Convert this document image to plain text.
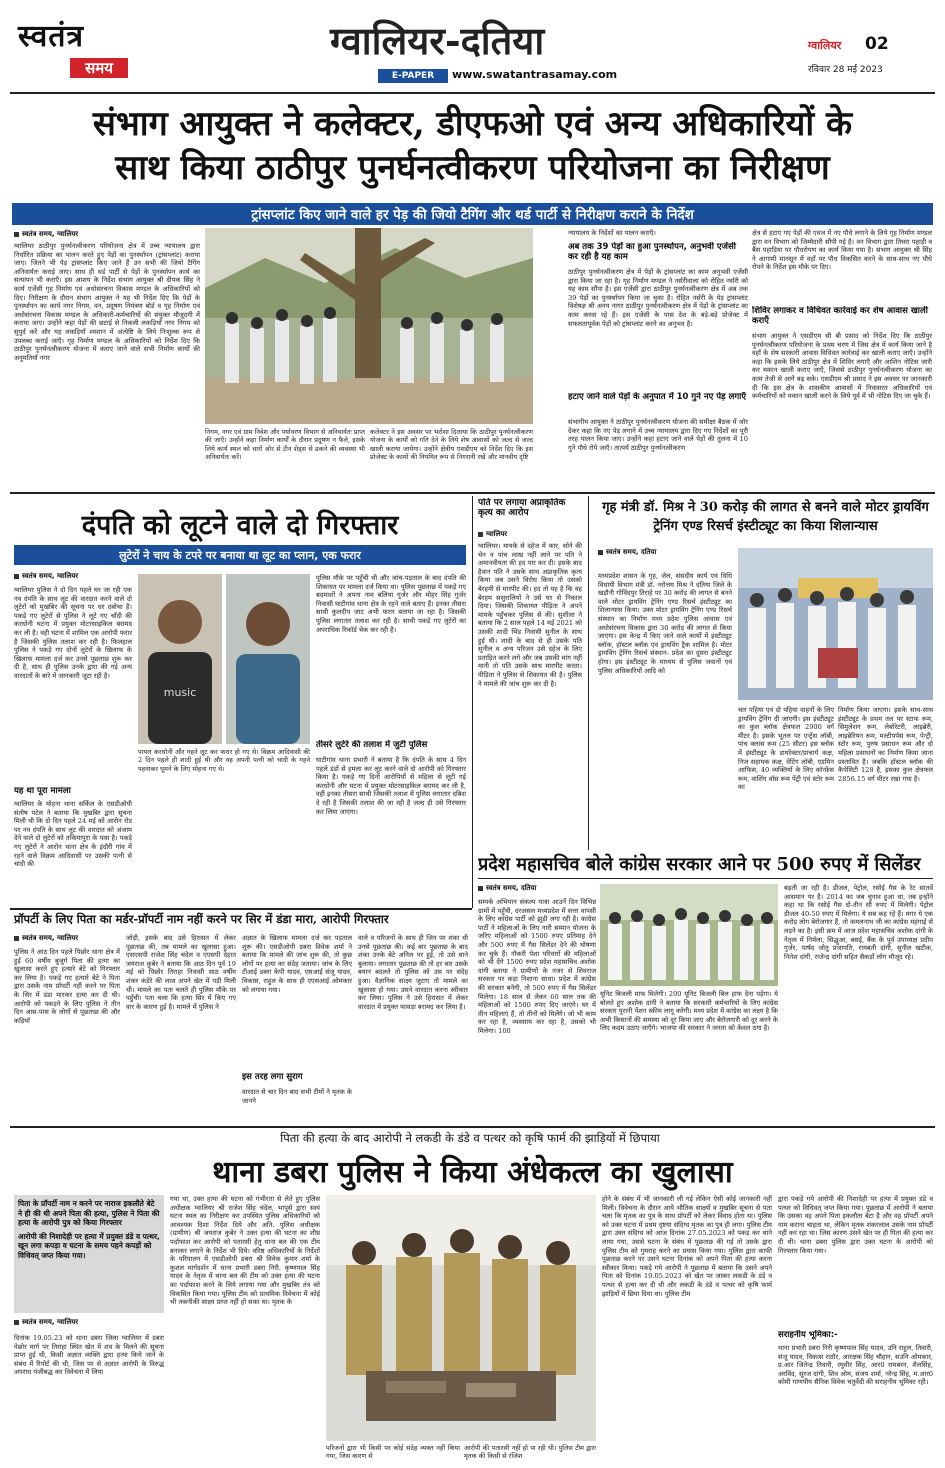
स्वतंत्र
समय
ग्वालियर-दतिया
E-PAPER	www.swatantrasamay.com
ग्वालियर 02
रविवार 28 मई 2023
संभाग आयुक्त ने कलेक्टर, डीएफओ एवं अन्य अधिकारियों के
साथ किया ठाठीपुर पुनर्घनत्वीकरण परियोजना का निरीक्षण
ट्रांसप्लांट किए जाने वाले हर पेड़ की जियो टैगिंग और थर्ड पार्टी से निरीक्षण कराने के निर्देश
स्वतंत्र समय, ग्वालियर
ग्वालियर ठाठीपुर पुनर्घनत्वीकरण परियोजना क्षेत्र में उच्च न्यायालय द्वारा निर्धारित प्रक्रिया का पालन करते हुए पेड़ों का पुनर्स्थापन (ट्रांसप्लांट) कराया जाए। जितने भी पेड़ ट्रांसप्लांट किए जाने हैं उन सभी की जियो टैगिंग अनिवार्यतः कराई जाए। साथ ही थर्ड पार्टी से पेड़ों के पुनर्स्थापन कार्य का सत्यापन भी कराएँ। इस आशय के निर्देश संभाग आयुक्त श्री दीपक सिंह ने कार्य एजेंसी गृह निर्माण एवं अधोसंरचना विकास मण्डल के अधिकारियों को दिए। निरीक्षण के दौरान संभाग आयुक्त ने यह भी निर्देश दिए कि पेड़ों के पुनर्स्थापन का कार्य नगर निगम, वन, प्रदूषण नियंत्रण बोर्ड व गृह निर्माण एवं अधोसंरचना विकास मण्डल के अधिकारी-कर्मचारियों की संयुक्त मौजूदगी में कराया जाए। उन्होंने कहा पेड़ों की छटाई से निकली लकड़ियाँ नगर निगम को सुपुर्द करें और यह लकड़ियाँ श्मशान में अंत्येष्टि के लिये निःशुल्क रूप से उपलब्ध कराई जाएँ। गृह निर्माण मण्डल के अधिकारियों को निर्देश दिए कि ठाठीपुर पुनर्घनत्वीकरण योजना में कराए जाने वाले सभी निर्माण कार्यों की अनुमतियाँ नगर
निगम, नगर एवं ग्राम निवेश और पर्यावरण विभाग से अनिवार्यतः प्राप्त की जाएँ। उन्होंने कहा निर्माण कार्यों के दौरान प्रदूषण न फैले, इसके लिये कार्य स्थल को चारों ओर से टीन शेड्स से ढकने की व्यवस्था भी अनिवार्यतः करें।
कलेक्टर ने इस अवसर पर भरोसा दिलाया कि ठाठीपुर पुनर्घनत्वीकरण योजना के कार्यों को गति देने के लिये शेष आवासों को जल्द से जल्द खाली कराया जायेगा। उन्होंने क्षेत्रीय एसडीएम को निर्देश दिए कि इस प्रोजेक्ट के कामों की नियमित रूप से निगरानी रखें और मानवीय दृष्टि
न्यायालय के निर्देशों का पालन कराएँ।
अब तक 39 पेड़ों का हुआ पुनर्स्थापन, अनुभवी एजेंसी कर रही है यह काम
ठाठीपुर पुनर्घनत्वीकरण क्षेत्र में पेड़ों के ट्रांसप्लांट का काम अनुभवी एजेंसी द्वारा किया जा रहा है। गृह निर्माण मण्डल ने नर्सरीवाला को रोहित नर्सरी को यह काम सौंपा है। इस एजेंसी द्वारा ठाठीपुर पुनर्घनत्वीकरण क्षेत्र में अब तक 39 पेड़ों का पुनर्स्थापन किया जा चुका है। रोहित नर्सरी के पेड़ ट्रांसप्लांट विशेषज्ञ श्री अनय नागर ठाठीपुर पुनर्घनत्वीकरण क्षेत्र में पेड़ों के ट्रांसप्लांट का काम करवा रहे हैं। इस एजेंसी के पास देश के बड़े-बड़े प्रोजेक्ट में सफलतापूर्वक पेड़ों को ट्रांसप्लांट करने का अनुभव है।
हटाए जाने वाले पेड़ों के अनुपात में 10 गुने नए पेड़ लगाएँ
संभागीय आयुक्त ने ठाठीपुर पुनर्घनत्वीकरण योजना की समीक्षा बैठक में जोर देकर कहा कि नए पेड़ लगाने में उच्च न्यायालय द्वारा दिए गए निर्देशों का पूरी तरह पालन किया जाए। उन्होंने कहा हटाए जाने वाले पेड़ों की तुलना में 10 गुने पौधे रोपे जाएँ। तात्पर्य ठाठीपुर पुनर्घनत्वीकरण
क्षेत्र से हटाए गए पेड़ों की एवज में नए पौधे लगाने के लिये गृह निर्माण मण्डल द्वारा वन विभाग को जिम्मेदारी सौंपी गई है। वन विभाग द्वारा तिघरा पहाड़ी व बैंस पहाड़िया पर पौधरोपण का कार्य किया गया है। संभाग आयुक्त श्री सिंह ने आगामी मानसून में वहाँ पर पौध विकसित करने के साथ-साथ नए पौधे रोपने के निर्देश इस मौके पर दिए।
शिविर लगाकर व विधिवत कार्रवाई कर शेष आवास खाली कराएँ
संभाग आयुक्त ने एसडीएम सी बी प्रसाद को निर्देश दिए कि ठाठीपुर पुनर्घनत्वीकरण परियोजना के प्रथम चरण में जिस क्षेत्र में कार्य किया जाने है वहाँ के शेष सरकारी आवास विधिवत कार्रवाई कर खाली कराए जाएँ। उन्होंने कहा कि इसके लिये ठाठीपुर क्षेत्र में शिविर लगाएँ और आशिन नोटिस जारी कर मकान खाली कराए जाएँ, जिससे ठाठीपुर पुनर्घनत्वीकरण योजना का काम तेजी से आगे बढ़ सके। एसडीएम श्री प्रसाद ने इस अवसर पर जानकारी दी कि इस क्षेत्र के शासकीय आवासों में निवासरत अधिकारियों एवं कर्मचारियों को मकान खाली करने के लिये पूर्व में भी नोटिस दिए जा चुके हैं।
दंपति को लूटने वाले दो गिरफ्तार
लुटेरों ने चाय के टपरे पर बनाया था लूट का प्लान, एक फरार
स्वतंत्र समय, ग्वालियर
ग्वालियर पुलिस ने दो दिन पहले घर जा रही एक नव दंपति के साथ लूट की वारदात करने वाले दो लुटेरों को मुखबिर की सूचना पर धर दबोचा है। पकड़े गए लुटेरों से पुलिस ने लूटे गए चाँदी की करधोनी घटना में प्रयुक्त मोटरसाइकिल बरामद कर ली है। वही घटना में शामिल एक आरोपी फरार है जिसकी पुलिस तलाश कर रही है। फिलहाल पुलिस ने पकड़े गए दोनों लुटेरों के खिलाफ के खिलाफ मामला दर्ज कर उनसे पूछताछ शुरू कर दी है, साथ ही पुलिस उनके द्वारा की गई अन्य वारदातों के बारे में जानकारी जुटा रही है।
यह था पूरा मामला
ग्वालियर के मोहना थाना सर्किल के एसडीओपी संतोष पटेल ने बताया कि मुखबिर द्वारा सूचना मिली थी कि दो दिन पहले 24 मई को आरोन रोड पर नव दंपति के साथ लूट की वारदात को अंजाम देने वाले दो लुटेरों को तकियापुरा के पास है। पकड़े गए लुटेरों ने आरोन थाना क्षेत्र के इंदौरी गांव में रहने वाले विक्रम आदिवासी पर उसकी पत्नी से चांदी की
music
पायल करधोनी और गहने लूट कर फरार हो गए थे। विक्रम आदिवासी की 2 दिन पहले ही शादी हुई थी और वह अपनी पत्नी को चांदी के गहने पहनाकर घूमने के लिए मोहना गए थे।
पुलिस मौके पर पहुँची थी और जांच-पड़ताल के बाद दंपति की शिकायत पर मामला दर्ज किया था। पुलिस पूछताछ में पकड़े गए बदमाशों ने अपना नाम बलिया गुर्जर और मोहर सिंह गुर्जर निवासी घाटीगांव थाना क्षेत्र के रहने वाले बताए हैं। इनका तीसरा साथी कुलदीप जाट अभी फरार बताया जा रहा है। जिसकी पुलिस लगातार तलाश कर रही है। साथी पकड़े गए लुटेरों का अपराधिक रिकॉर्ड चेक कर रही है।
तीसरे लुटेरे की तलाश में जुटी पुलिस
घाटीगांव थाना प्रभारी ने बताया है कि दंपति के साथ 4 दिन पहले डंडों से हमला कर लूट करने वाले दो आरोपी को गिरफ्तार किया है। पकड़े गए दिनों आरोपियों से महिला से लूटी गई करधोनी और घटना में प्रयुक्त मोटरसाइकिल बरामद कर ली है, वहीं इनका तीसरा साथी जिसकी तलाश में पुलिस लगातार दबिश दे रही है जिसकी तलाश की जा रही है जल्द ही उसे गिरफ्तार कर लिया जाएगा।
पति पर लगाया अप्राकृतिक कृत्य का आरोप
ग्वालियर
ग्वालियर। मायके से दहेज में कार, सोने की चेन व पांच लाख नहीं लाने पर पति ने अमानवीयता की हद पार कर दी। इसके बाद हैवान पति ने उसके साथ अप्राकृतिक कृत्य किया जब उसने विरोध किया तो उसको बेरहमी से मारपीट की। हद तो यह है कि वह बेरहम ससुरालियों ने उसे घर से निकाल दिया। जिसकी शिकायत पीड़िता ने अपने मायके पहुँचकर पुलिस से की। सुशीला ने बताया कि 2 साल पहले 14 मई 2021 को उसकी शादी भिंड निवासी सुनील के साथ हुई थी। शादी के बाद से ही उसके पति सुनील व अन्य परिजन उसे दहेज के लिए प्रताड़ित करने लगे और जब उसकी मांग नहीं मानी तो पति उसके साथ मारपीट करता। पीड़िता ने पुलिस से शिकायत की है। पुलिस ने मामले की जांच शुरू कर दी है।
गृह मंत्री डॉ. मिश्र ने 30 करोड़ की लागत से बनने वाले मोटर ड्रायविंग ट्रेनिंग एण्ड रिसर्च इंस्टीट्यूट का किया शिलान्यास
स्वतंत्र समय, दतिया
मध्यप्रदेश शासन के गृह, जेल, संसदीय कार्य एवं विधि विधायी विभाग मंत्री डॉ. नरोत्तम मिश्र ने दतिया जिले के खड़ौनी गोविंदपुर तिराहे पर 30 करोड़ की लागत से बनने वाले मोटर ड्रायविंग ट्रेनिंग एण्ड रिसर्च इंस्टीट्यूट का शिलान्यास किया। उक्त मोटर ड्रायविंग ट्रेनिंग एण्ड रिसर्च संस्थान का निर्माण मध्य प्रदेश पुलिस आवास एवं अधोसंरचना विकास द्वारा 30 करोड़ की लागत से किया जाएगा। इस केन्द्र में किए जाने वाले कार्यों में इंस्टीट्यूट ब्लॉक, हॉस्टल ब्लॉक एवं ड्रायविंग ट्रैक शामिल है। मोटर ड्रायविंग ट्रेनिंग रिसर्च संस्थान- प्रदेश का दूसरा इंस्टीट्यूट होगा। इस इंस्टीट्यूट के माध्यम से पुलिस जवानों एवं पुलिस अधिकारियों आदि को
चार पहिया एवं दो पहिया वाहनों के लिए ड्रायविंग ट्रेनिंग दी जाएगी। इस इंस्टीट्यूट का कुल ब्लॉक क्षेत्रफल 2900 वर्ग मीटर है। इसके भूतल पर एन्ट्रेंस लॉबी, पांच क्लास रूम (25 सीटर) इस ब्लॉक में इंस्टीट्यूट के डायरेक्टर/प्राचार्य कक्ष, निज सहायक कक्ष, वेटिंग लॉबी, एडमिन आफिस, 40 व्यक्तियों के लिए कॉन्फ्रेंस रूम, वाशिंग वॉस रूम पेंट्री एवं स्टोर रूम का
निर्माण किया जाएगा। इसके साथ-साथ इंस्टीट्यूट के प्रथम तल पर स्टाफ रूम, सिमुलेशन रूम, लेबोरेटरी, लाइब्रेरी, लाइब्रेरियन रूम, मल्टीपर्पस रूम, पेन्ट्री, स्टोर रूम, पुरुष प्रसाधन रूम और दो महिला प्रसाधनों का निर्माण किया जाना प्रस्तावित है। जबकि हॉस्टल ब्लॉक की कैपेसिटी 128 है, इसका कुल क्षेत्रफल 2856.15 वर्ग मीटर रखा गया है।
प्रदेश महासचिव बोले कांग्रेस सरकार आने पर 500 रुपए में सिलेंडर
स्वतंत्र समय, दतिया
सम्पर्क अभियान संकल्प यात्रा आउर्ने दिन विभिन्न ग्रामों में पहुँची, दरअसल मध्यप्रदेश में सत्ता वापसी के लिए कांग्रेस पार्टी को झुड़ी लगा रही है। कांग्रेस पार्टी ने महिलाओं के लिए नारी सम्मान योजना के जरिए महिलाओं को 1500 रुपए प्रतिमाह देने और 500 रुपए में गैस सिलेंडर देने की घोषणा कर चुके हैं। नौकरी पेशा परिवारों की महिलाओं को भी देंगे 1500 रुपए प्रदेश महासचिव अशोक दांगी बताया ने ग्रामीणों के नजर से शिवराज सरकार पर कड़ा निशाना साधा। प्रदेश में कांग्रेस की सरकार बनेगी, तो 500 रुपए में गैस सिलेंडर मिलेगा। 18 साल से लेकर 60 साल तक की महिलाओं को 1500 रुपए दिए जाएंगे। घर में तीन महिलाएं हैं, तो तीनों को मिलेंगे। जो भी काम कर रहा है, व्यवसाय कर रहा है, उसको भी मिलेगा। 100
यूनिट बिजली माफ मिलेगी। 200 यूनिट बिजली बिल हाफ देना पड़ेगा। ये बोलते हुए अशोक दांगी ने बताया कि सरकारी कर्मचारियों के लिए कांग्रेस सरकार पुरानी पेंशन स्कीम लागू करेगी। मध्य प्रदेश में कांग्रेस का लक्ष्य है कि अभी किसानों की समस्या को दूर किया जाए और बेरोजगारी को दूर करने के लिए कदम उठाए जाएँगे। भाजपा की सरकार ने जनता को केवल ठगा है।
बढ़ती जा रही है। डीजल, पेट्रोल, रसोई गैस के रेट सातवें आसमान पर है। 2014 का जब चुनाव हुआ था, तब इन्होंने कहा था कि रसोई गैस दो-तीन सौ रुपए में मिलेगी। पेट्रोल डीजल 40-50 रुपए में मिलेगा। ये सब कह रहे हैं। मगर ये एक करोड़ लोग बेरोजगार हैं, तो कमलनाथ जी का कांग्रेस महंगाई से लड़ने का है। इसी क्रम में आज प्रदेश महासचिव अशोक दांगी के नेतृत्व में निर्मला, सिद्धुआ, बसई, बैंक के पूर्व उपाध्यक्ष प्रदीप गुर्जर, पार्षद जोतु प्रजापति, रामबती दांगी, सुनील खटीक, नितेश दांगी, राजेन्द्र दांगी सहित सैकड़ों लोग मौजूद रहे।
प्रॉपर्टी के लिए पिता का मर्डर-प्रॉपर्टी नाम नहीं करने पर सिर में डंडा मारा, आरोपी गिरफ्तार
स्वतंत्र समय, ग्वालियर
पुलिस ने आठ दिन पहले पिछोर थाना क्षेत्र में हुई 60 वर्षीय बुजुर्ग पिता की हत्या का खुलासा करते हुए हत्यारे बेटे को गिरफ्तार कर लिया है। पकड़े गए हत्यारे बेटे ने पिता द्वारा उसके नाम प्रॉपर्टी नहीं करने पर पिता के सिर में डंडा मारकर हत्या कर दी थी। आरोपी को पकड़ने के लिए पुलिस ने तीन दिन आस-पास के लोगों से पूछताछ की और कड़ियाँ
जोड़ी, इसके बाद उसे हिरासत में लेकर पूछताछ की, तब मामले का खुलासा हुआ। एसएसपी राजेश सिंह चंदेल व एएसपी देहात जयराज कुबेर ने बताया कि आठ दिन पूर्व 19 मई को पिछोर तिराहा निवासी साठ वर्षीय शंकर कंडेरे की लाश अपने खेत में पड़ी मिली थी। मामले का पता चलते ही पुलिस मौके पर पहुँची। पता चला कि हत्या सिर में किए गए वार के कारण हुई है। मामले में पुलिस ने
अज्ञात के खिलाफ मामला दर्ज कर पड़ताल शुरू की। एसडीओपी डबरा विवेक शर्मा ने बताया कि मामले की जांच शुरू की, तो कुछ लोगों पर हत्या का संदेह जताया। जांच के लिए टीआई डबरा केपी यादव, एसआई संजू यादव, विकास, राहुल के साथ ही एएसआई ओमकार को लगाया गया।
इस तरह लगा सुराग
वारदात से चार दिन बाद सभी टीमों ने मृतक के जानने
वाले व परिजनों के साथ ही जिन पर शंका थी उनसे पूछताछ की। कई बार पूछताछ के बाद शंका उनके बेटे अनिल पर हुई, तो उसे थाने बुलाया। लगातार पूछताछ की तो हर बार उसके बयान बदलते तो पुलिस को उस पर संदेह हुआ। वैज्ञानिक साक्ष्य जुटाए तो मामले का खुलासा हो गया। उसने वारदात करना स्वीकार कर लिया। पुलिस ने उसे हिरासत में लेकर वारदात में प्रयुक्त फावड़ा बरामद कर लिया है।
पिता की हत्या के बाद आरोपी ने लकडी के डंडे व पत्थर को कृषि फार्म की झाड़ियों में छिपाया
थाना डबरा पुलिस ने किया अंधेकत्ल का खुलासा
पिता के प्रॉपर्टी नाम न करने पर नाराज इकलौते बेटे ने ही की थी अपने पिता की हत्या, पुलिस ने पिता की हत्या के आरोपी पुत्र को किया गिरफ्तार
आरोपी की निशादेही पर हत्या में प्रयुक्त डंडे व पत्थर, खून लगा कपड़ा व घटना के समय पहने कपड़ों को विधिवत् जप्त किया गया।
स्वतंत्र समय, ग्वालियर
दिनांक 19.05.23 को थाना डबरा जिला ग्वालियर में डबरा पेछोर मार्ग पर तिराहा स्थित खेत में शव के मिलने की सूचना प्राप्त हुई थी, किसी अज्ञात व्यक्ति द्वारा हत्या किये जाने के संबंध में रिपोर्ट की थी, जिस पर से अज्ञात आरोपी के विरुद्ध अपराध पंजीबद्ध कर विवेचना में लिया
गया था, उक्त हत्या की घटना को गंभीरता से लेते हुए पुलिस अधीक्षक ग्वालियर श्री राजेश सिंह चंदेल, भापुसे द्वारा स्वयं घटना स्थल का निरीक्षण कर उपस्थित पुलिस अधिकारियों को आवश्यक दिशा निर्देश दिये और अति. पुलिस अधीक्षक (ग्रामीण) श्री जयराज कुबेर ने उक्त हत्या की घटना का शीघ्र पर्दाफाश कर आरोपी को पतारसी हेतु थाना बल की एक टीम बनाकर लगाने के निर्देश भी दिये। वरिष्ठ अधिकारियों के निर्देशों के परिपालन में एसडीओपी डबरा श्री विवेक कुमार शर्मा के कुशल मार्गदर्शन में थाना प्रभारी डबरा निरी. कृष्णपाल सिंह यादव के नेतृत्व में थाना बल की टीम को उक्त हत्या की घटना का पर्दाफाश करने के लिये लगाया गया और मुखबिर तंत्र को विकसित किया गया। पुलिस टीम को प्राथमिक विवेचना में कोई भी तकनीकी साक्ष्य प्राप्त नहीं हो सका था। मृतक के
परिजनों द्वारा भी किसी पर कोई संदेह व्यक्त नहीं किया गया, जिस कारण से
आरोपी की पतारसी नहीं हो पा रही थी। पुलिस टीम द्वारा मृतक की किसी से रंजिश
होने के संबंध में भी जानकारी ली गई लेकिन ऐसी कोई जानकारी नहीं मिली। विवेचना के दौरान आये भौतिक साक्ष्यों व मुखबिर सूचना से पता चला कि मृतक का पुत्र के साथ प्रॉपर्टी को लेकर विवाद होता था। पुलिस को उक्त घटना में प्रथम दृष्टया संदिग्ध मृतक का पुत्र ही लगा। पुलिस टीम द्वारा उक्त संदिग्ध को आज दिनांक 27.05.2023 को पकड़ कर थाने लाया गया, उससे घटना के संबंध में पूछताछ की गई तो उसके द्वारा पुलिस टीम को गुमराह करने का प्रयास किया गया। पुलिस द्वारा काफी पूछताछ करने पर उसने घटना दिनांक को अपने पिता की हत्या करना स्वीकार किया। पकड़े गये आरोपी ने पूछताछ में बताया कि उसने अपने पिता को दिनांक 19.05.2023 को खेत पर जाकर लकडी के डंडे व पत्थर से हत्या कर दी थी और लकडी के डंडे व पत्थर को कृषि फार्म झाड़ियों में छिपा दिया था। पुलिस टीम
द्वारा पकड़े गये आरोपी की निशादेही पर हत्या में प्रयुक्त डंडे व पत्थर को विधिवत् जप्त किया गया। पूछताछ में आरोपी ने बताया कि उसका वह अपने पिता इकलौता बेटा है और वह प्रॉपर्टी अपने नाम कराना चाहता था, लेकिन मृतक शंकरलाल उसके नाम प्रॉपर्टी नहीं कर रहा था। जिस कारण उसने खेत पर ही पिता की हत्या कर दी थी। थाना डबरा पुलिस द्वारा उक्त घटना के आरोपी को गिरफ्तार किया गया।
सराहनीय भूमिका:-
थाना प्रभारी डबरा निरी कृष्णपाल सिंह यादव, उनि राहुल, तिवारी, संजू यादव, विकास राठौर, आरक्षक सिंह चौहान, सउनि ओमकार, प्र.आर जितेन्द्र तिवारी, रघुवीर सिंह, आर0 रामबरन, शैलसिंह, अरविंद, सूरज दांगी, शिव ओम, संजय शर्मा, नरेन्द्र सिंह, म.आर0 कोमी गाणपीय सैनिक विवेक चतुर्वेदी की सराहनीय भूमिका रही।
